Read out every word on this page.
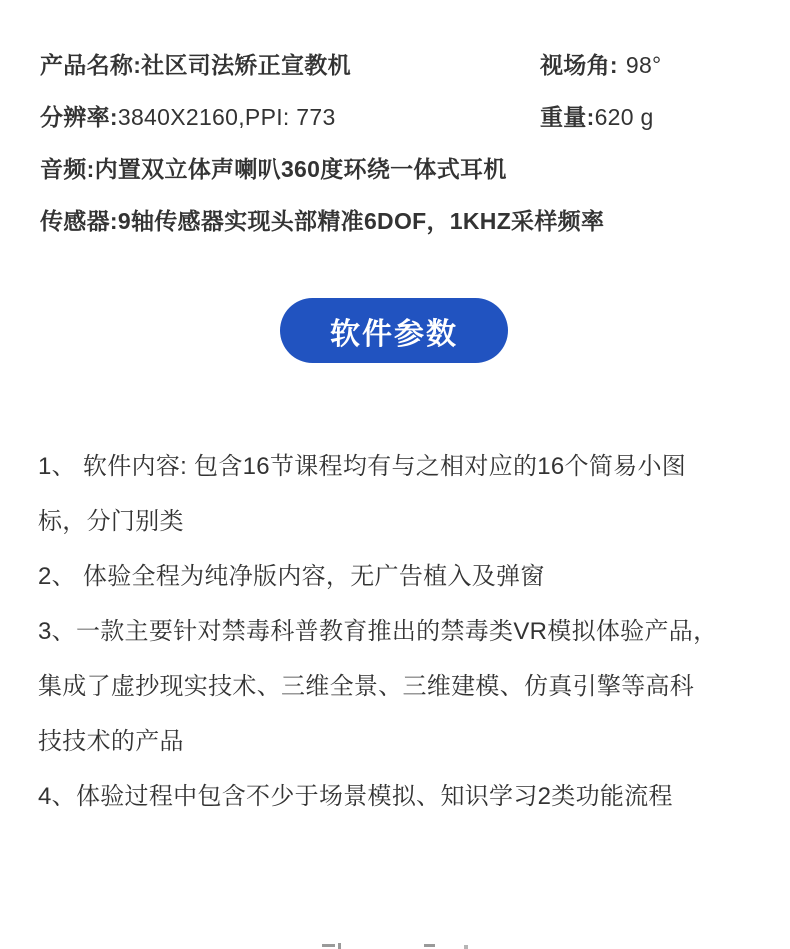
产品名称:社区司法矫正宣教机	视场角: 98°
分辨率:3840X2160,PPI: 773	重量:620 g
音频:内置双立体声喇叭360度环绕一体式耳机
传感器:9轴传感器实现头部精准6DOF，1KHZ采样频率
软件参数
1、 软件内容: 包含16节课程均有与之相对应的16个简易小图
标，分门别类
2、 体验全程为纯净版内容，无广告植入及弹窗
3、一款主要针对禁毒科普教育推出的禁毒类VR模拟体验产品，
集成了虚抄现实技术、三维全景、三维建模、仿真引擎等高科
技技术的产品
4、体验过程中包含不少于场景模拟、知识学习2类功能流程
